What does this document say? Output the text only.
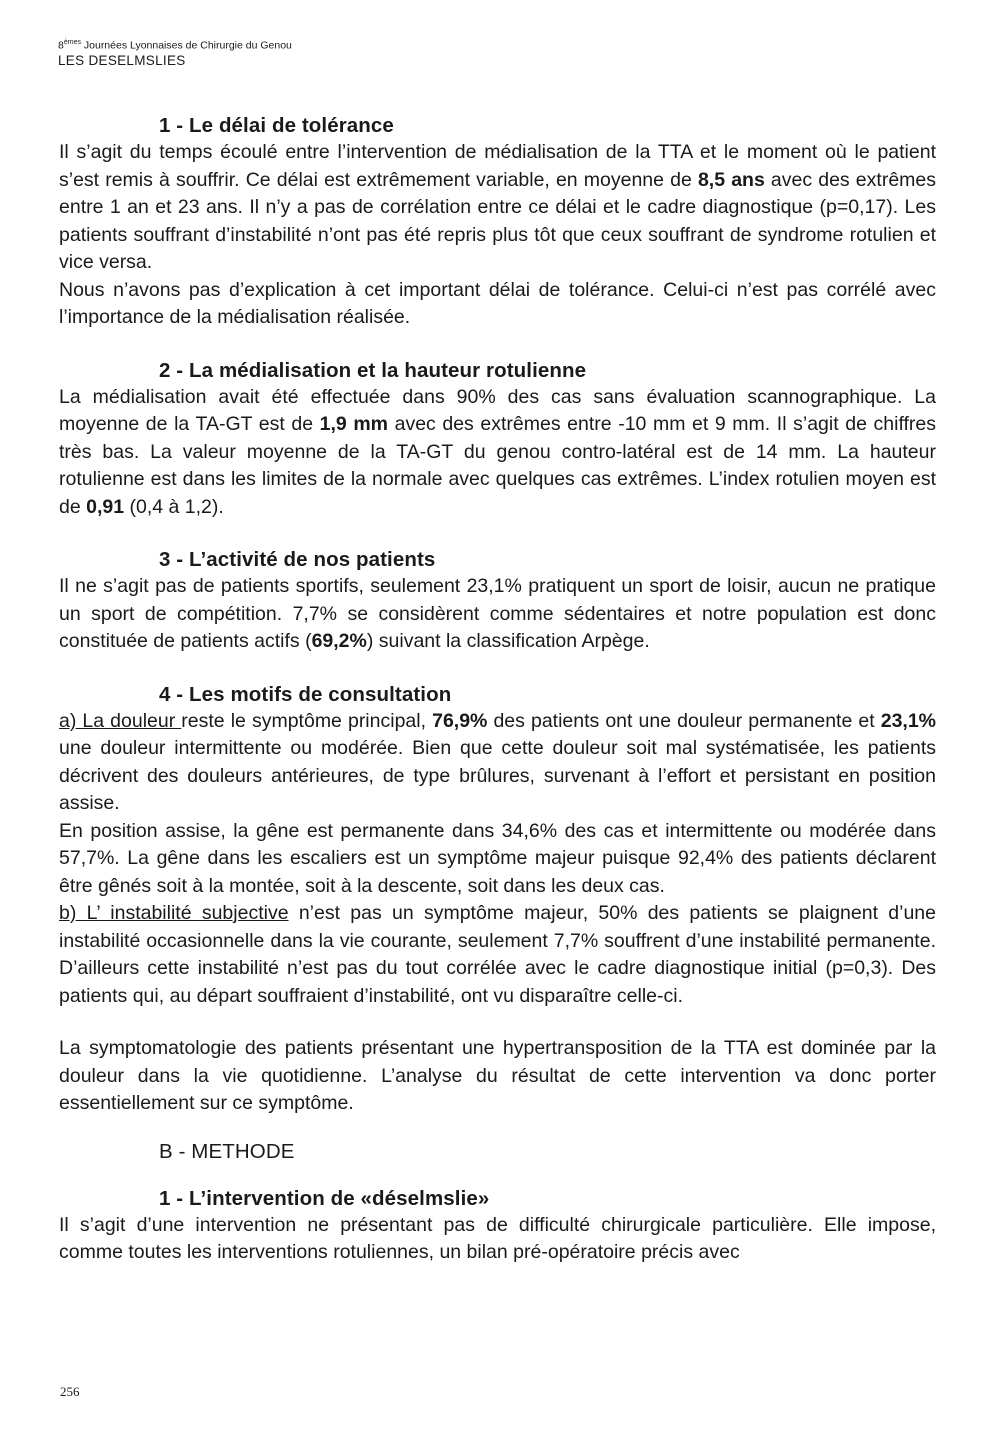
8èmes Journées Lyonnaises de Chirurgie du Genou
LES DESELMSLIES
1 - Le délai de tolérance

Il s’agit du temps écoulé entre l’intervention de médialisation de la TTA et le moment où le patient s’est remis à souffrir. Ce délai est extrêmement variable, en moyenne de 8,5 ans avec des extrêmes entre 1 an et 23 ans. Il n’y a pas de corrélation entre ce délai et le cadre diagnostique (p=0,17). Les patients souffrant d’instabilité n’ont pas été repris plus tôt que ceux souffrant de syndrome rotulien et vice versa.

Nous n’avons pas d’explication à cet important délai de tolérance. Celui-ci n’est pas corrélé avec l’importance de la médialisation réalisée.

2 - La médialisation et la hauteur rotulienne

La médialisation avait été effectuée dans 90% des cas sans évaluation scannographique. La moyenne de la TA-GT est de 1,9 mm avec des extrêmes entre -10 mm et 9 mm. Il s’agit de chiffres très bas. La valeur moyenne de la TA-GT du genou contro-latéral est de 14 mm. La hauteur rotulienne est dans les limites de la normale avec quelques cas extrêmes. L’index rotulien moyen est de 0,91 (0,4 à 1,2).

3 - L’activité de nos patients

Il ne s’agit pas de patients sportifs, seulement 23,1% pratiquent un sport de loisir, aucun ne pratique un sport de compétition. 7,7% se considèrent comme sédentaires et notre population est donc constituée de patients actifs (69,2%) suivant la classification Arpège.

4 - Les motifs de consultation

a) La douleur reste le symptôme principal, 76,9% des patients ont une douleur permanente et 23,1% une douleur intermittente ou modérée. Bien que cette douleur soit mal systématisée, les patients décrivent des douleurs antérieures, de type brûlures, survenant à l’effort et persistant en position assise.

En position assise, la gêne est permanente dans 34,6% des cas et intermittente ou modérée dans 57,7%. La gêne dans les escaliers est un symptôme majeur puisque 92,4% des patients déclarent être gênés soit à la montée, soit à la descente, soit dans les deux cas.

b) L’ instabilité subjective n’est pas un symptôme majeur, 50% des patients se plaignent d’une instabilité occasionnelle dans la vie courante, seulement 7,7% souffrent d’une instabilité permanente. D’ailleurs cette instabilité n’est pas du tout corrélée avec le cadre diagnostique initial (p=0,3). Des patients qui, au départ souffraient d’instabilité, ont vu disparaître celle-ci.

La symptomatologie des patients présentant une hypertransposition de la TTA est dominée par la douleur dans la vie quotidienne. L’analyse du résultat de cette intervention va donc porter essentiellement sur ce symptôme.

B - METHODE
1 - L’intervention de «déselmslie»

Il s’agit d’une intervention ne présentant pas de difficulté chirurgicale particulière. Elle impose, comme toutes les interventions rotuliennes, un bilan pré-opératoire précis avec

256
